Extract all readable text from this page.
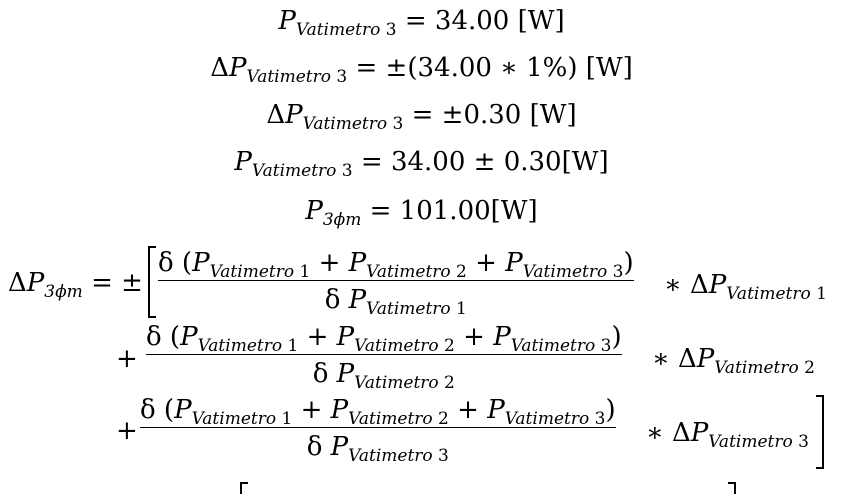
$P_{Vatimetro 3} = 34.00$ [W]
$\Delta P_{Vatimetro 3} = \pm(34.00$ ∗ 1%) [W]
$\Delta P_{Vatimetro 3} = \pm 0.30$ [W]
$P_{Vatimetro 3} = 34.00 \pm 0.30[W]$
$P_{3\phi m} = 101.00[W]$
$\Delta P_{3\phi m}$ = ±
δ $(P_{Vatimetro 1} + P_{Vatimetro 2} + P_{Vatimetro 3})$
δ $P_{Vatimetro 1}$
∗ $\Delta P_{Vatimetro 1}$
+
δ $(P_{Vatimetro 1} + P_{Vatimetro 2} + P_{Vatimetro 3})$
δ $P_{Vatimetro 2}$
∗ $\Delta P_{Vatimetro 2}$
+
δ $(P_{Vatimetro 1} + P_{Vatimetro 2} + P_{Vatimetro 3})$
δ $P_{Vatimetro 3}$
∗ $\Delta P_{Vatimetro 3}$
